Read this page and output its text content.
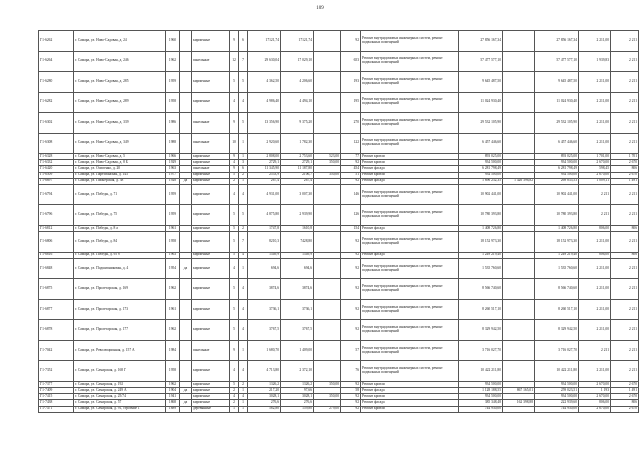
109
Г1-6262	г. Самара, ул. Ново-Садовая, д. 24	1960		кирпичные	9	6	17121,74	17121,74		92	Ремонт внутридомовых инженерных систем, ремонт подвальных помещений	27 856 167,34		27 856 167,34	2 211,00	2 211
Г1-6264	г. Самара, ул. Ново-Садовая, д. 246	1962		панельные	12	7	29 630,04	17 029,10		653	Ремонт внутридомовых инженерных систем, ремонт подвальных помещений	57 477 577,10		57 477 577,10	1 939,83	2 211
Г1-6280	г. Самара, ул. Ново-Садовая, д. 285	1959		кирпичные	5	5	4 362,50	4 206,60		193	Ремонт внутридомовых инженерных систем, ремонт подвальных помещений	9 645 487,50		9 645 487,50	2 211,00	2 211
Г1-6282	г. Самара, ул. Ново-Садовая, д. 289	1958		кирпичные	4	4	4 986,40	4 494,10		195	Ремонт внутридомовых инженерных систем, ремонт подвальных помещений	11 024 930,40		11 024 930,40	2 211,00	2 211
Г1-6302	г. Самара, ул. Ново-Садовая, д. 339	1986		панельные	9	5	13 356,90	9 375,20		270	Ремонт внутридомовых инженерных систем, ремонт подвальных помещений	29 532 105,90		29 532 105,90	2 211,00	2 211
Г1-6308	г. Самара, ул. Ново-Садовая, д. 349	1988		панельные	10	1	2 920,60	1 782,30		122	Ремонт внутридомовых инженерных систем, ремонт подвальных помещений	6 457 446,60		6 457 446,60	2 211,00	2 211
Г1-6328	г. Самара, ул. Ново-Садовая, д. 5	1966		кирпичные	9	1	2 808,00	2 753,60	523,00	77	Ремонт кровли	893 025,00		893 025,00	1 701,00	1 701
Г1-6332	г. Самара, ул. Ново-Садовая, д. 8 Б	1929		кирпичные	4	3	2729,1	2729,1	350,00	92	Ремонт кровли	934 500,00		934 500,00	2 670,00	2 670
Г1-6420	г. Самара, ул. Осипенко, д. 20	1963		панельные	9	6	11 345,90	11 187,80		454	Ремонт фасада	6 281 798,49		6 281 798,49	598,45	806
Г1-6509	г. Самара, ул. Партизанская, д. 143	1977		кирпичные	5	2	2553,9	2106,7	350,00	51	Ремонт кровли	934 500,00		934 500,00	2 670,00	2 670
Г1-6697	г. Самара, ул. Пионерская, д. 38	1928	да	кирпичные	2	1	267,4	267,4		92	Ремонт фасада	1 696 232,35	1 426 396,82	269 835,53	1 009,11	1 491
Г1-6794	г. Самара, ул. Победы, д. 71	1959		кирпичные	4	4	4 931,00	3 007,30		146	Ремонт внутридомовых инженерных систем, ремонт подвальных помещений	10 902 441,00		10 902 441,00	2 211	2 211
Г1-6796	г. Самара, ул. Победы, д. 75	1959		кирпичные	5	5	4 875,80	2 939,90		126	Ремонт внутридомовых инженерных систем, ремонт подвальных помещений	10 780 393,80		10 780 393,80	2 211	2 211
Г1-6812	г. Самара, ул. Победы, д. 8 а	1961		кирпичные	5	2	1747,8	1610,8		154	Ремонт фасада	1 408 726,80		1 408 726,80	806,00	806
Г1-6806	г. Самара, ул. Победы, д. 84	1958		кирпичные	5	7	8210,3	7428,80		92	Ремонт внутридомовых инженерных систем, ремонт подвальных помещений	18 152 973,30		18 152 973,30	2 211,00	2 211
Г1-6816	г. Самара, ул. Победы, д. 95 б	1963		кирпичные	5	4	1549,9	1549,9		92	Ремонт фасада	1 249 219,40		1 249 219,40	806,00	806
Г1-6848	г. Самара, ул. Подшипниковая, д. 4	1954	да	кирпичные	4	1	694,6	694,6		92	Ремонт внутридомовых инженерных систем, ремонт подвальных помещений	1 535 760,60		1 535 760,60	2 211,00	2 211
Г1-6875	г. Самара, ул. Пролетарская, д. 169	1962		кирпичные	5	4	3874,6	3874,6		92	Ремонт внутридомовых инженерных систем, ремонт подвальных помещений	8 566 740,60		8 566 740,60	2 211,00	2 211
Г1-6877	г. Самара, ул. Пролетарская, д. 173	1961		кирпичные	5	4	3736,1	3736,1		92	Ремонт внутридомовых инженерных систем, ремонт подвальных помещений	8 260 517,10		8 260 517,10	2 211,00	2 211
Г1-6878	г. Самара, ул. Пролетарская, д. 177	1962		кирпичные	5	4	3767,5	3767,5		92	Ремонт внутридомовых инженерных систем, ремонт подвальных помещений	8 329 942,50		8 329 942,50	2 211,00	2 211
Г1-7042	г. Самара, ул. Революционная, д. 157 А	1984		панельные	9	1	1 680,70	1 409,00		57	Ремонт внутридомовых инженерных систем, ремонт подвальных помещений	3 716 027,70		3 716 027,70	2 211	2 211
Г1-7352	г. Самара, ул. Самарская, д. 168 Г	1958		кирпичные	4	4	4 713,80	2 372,10		76	Ремонт внутридомовых инженерных систем, ремонт подвальных помещений	10 422 211,80		10 422 211,80	2 211,00	2 211
Г1-7377	г. Самара, ул. Самарская, д. 192	1962		кирпичные	5	2	1326,2	1326,2	350,00	92	Ремонт кровли	934 500,00		934 500,00	2 670,00	2 670
Г1-7409	г. Самара, ул. Самарская, д. 249 А	1904	да	кирпичные	2	1	217,20	97,66		58	Ремонт фасада	1 128 188,55	867 165,01	259 023,51	1 193	1 491
Г1-7415	г. Самара, ул. Самарская, д. 25/74	1941		кирпичные	4	4	3028,1	3028,1	350,00	92	Ремонт кровли	934 500,00		934 500,00	2 670,00	2 670
Г1-7438	г. Самара, ул. Самарская, д. 57	1868	да	кирпичные	2	1	276,6	276,6		92	Ремонт фасада	385 348,48	162 398,88	222 939,60	806,00	806
Г1-7471	г. Самара, ул. Самарская, д. 91, строение 1	1889		деревянные	1	1	582,80	159,80	279,00	92	Ремонт кровли	744 930,00		744 930,00	2 670,00	2 670
